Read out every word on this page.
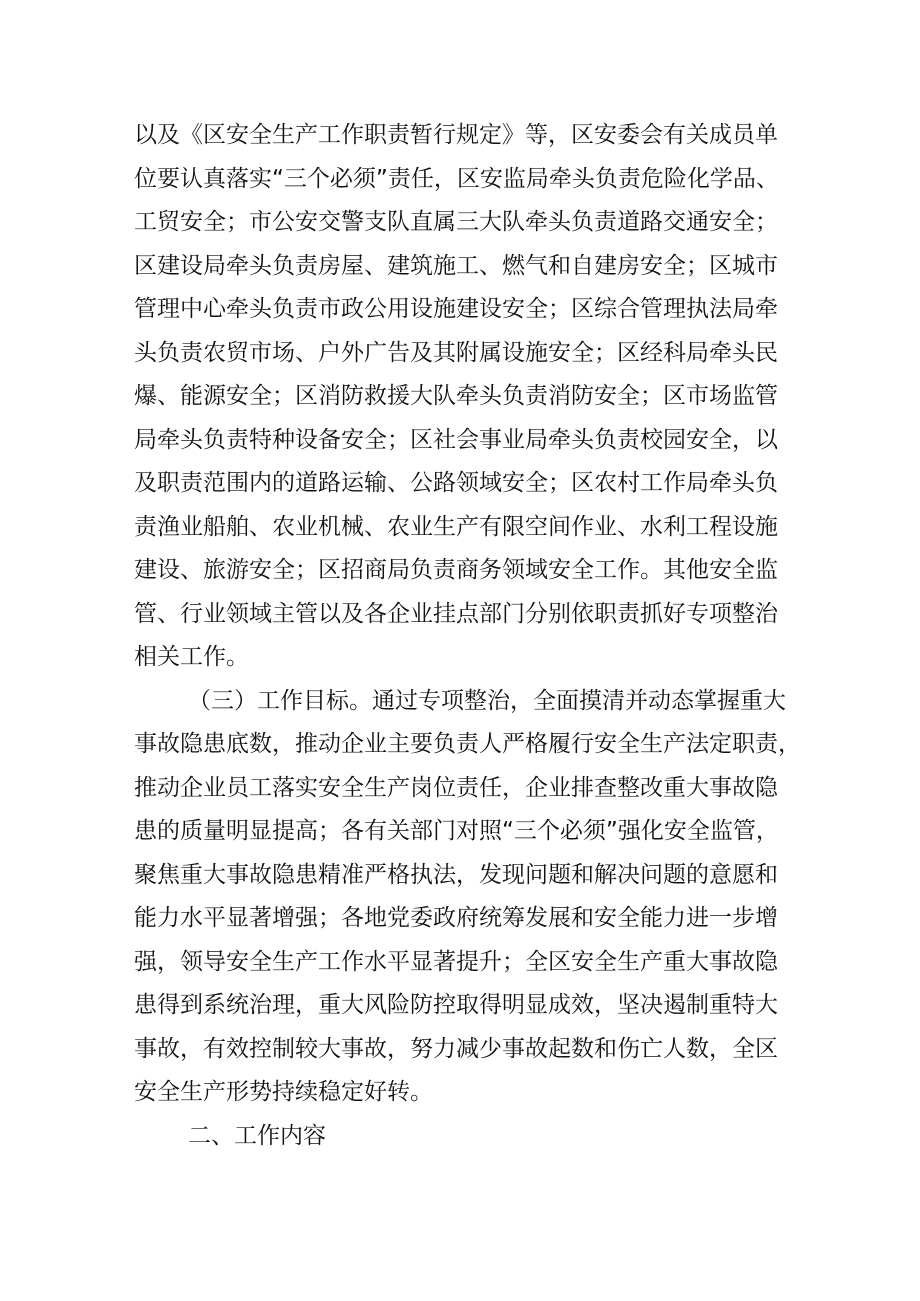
以及《区安全生产工作职责暂行规定》等，区安委会有关成员单
位要认真落实“三个必须”责任，区安监局牵头负责危险化学品、
工贸安全；市公安交警支队直属三大队牵头负责道路交通安全；
区建设局牵头负责房屋、建筑施工、燃气和自建房安全；区城市
管理中心牵头负责市政公用设施建设安全；区综合管理执法局牵
头负责农贸市场、户外广告及其附属设施安全；区经科局牵头民
爆、能源安全；区消防救援大队牵头负责消防安全；区市场监管
局牵头负责特种设备安全；区社会事业局牵头负责校园安全，以
及职责范围内的道路运输、公路领域安全；区农村工作局牵头负
责渔业船舶、农业机械、农业生产有限空间作业、水利工程设施
建设、旅游安全；区招商局负责商务领域安全工作。其他安全监
管、行业领域主管以及各企业挂点部门分别依职责抓好专项整治
相关工作。
（三）工作目标。通过专项整治，全面摸清并动态掌握重大
事故隐患底数，推动企业主要负责人严格履行安全生产法定职责，
推动企业员工落实安全生产岗位责任，企业排查整改重大事故隐
患的质量明显提高；各有关部门对照“三个必须”强化安全监管，
聚焦重大事故隐患精准严格执法，发现问题和解决问题的意愿和
能力水平显著增强；各地党委政府统筹发展和安全能力进一步增
强，领导安全生产工作水平显著提升；全区安全生产重大事故隐
患得到系统治理，重大风险防控取得明显成效，坚决遏制重特大
事故，有效控制较大事故，努力减少事故起数和伤亡人数，全区
安全生产形势持续稳定好转。
二、工作内容
